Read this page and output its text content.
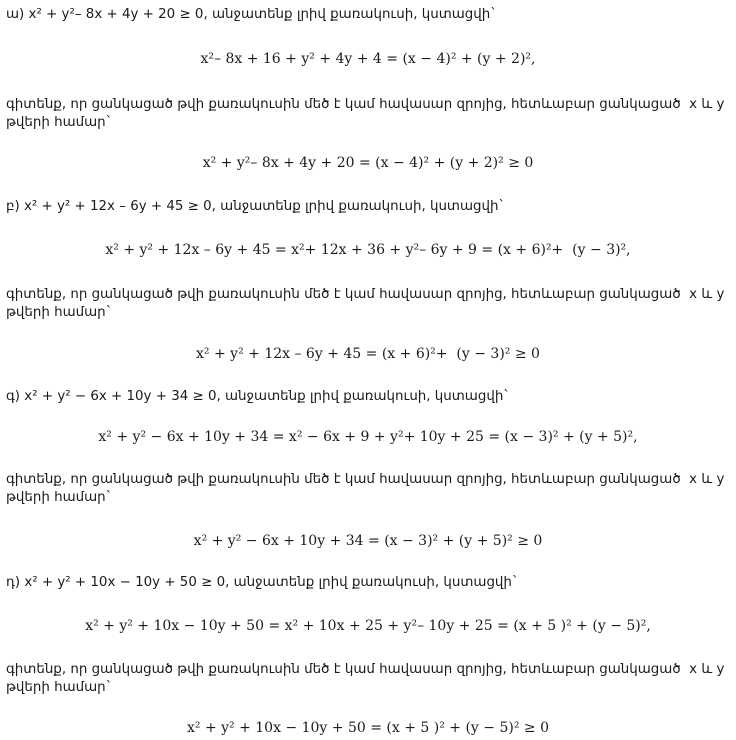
ա) x² + y²– 8x + 4y + 20 ≥ 0, անջատենք լրիվ քառակուսի, կստացվի`
x²– 8x + 16 + y² + 4y + 4 = (x − 4)² + (y + 2)²,
գիտենք, որ ցանկացած թվի քառակուսին մեծ է կամ հավասար զրոյից, հետևաբար ցանկացած  x և y
թվերի համար`
x² + y²– 8x + 4y + 20 = (x − 4)² + (y + 2)² ≥ 0
բ) x² + y² + 12x – 6y + 45 ≥ 0, անջատենք լրիվ քառակուսի, կստացվի`
x² + y² + 12x – 6y + 45 = x²+ 12x + 36 + y²– 6y + 9 = (x + 6)²+  (y − 3)²,
գիտենք, որ ցանկացած թվի քառակուսին մեծ է կամ հավասար զրոյից, հետևաբար ցանկացած  x և y
թվերի համար`
x² + y² + 12x – 6y + 45 = (x + 6)²+  (y − 3)² ≥ 0
գ) x² + y² − 6x + 10y + 34 ≥ 0, անջատենք լրիվ քառակուսի, կստացվի`
x² + y² − 6x + 10y + 34 = x² − 6x + 9 + y²+ 10y + 25 = (x − 3)² + (y + 5)²,
գիտենք, որ ցանկացած թվի քառակուսին մեծ է կամ հավասար զրոյից, հետևաբար ցանկացած  x և y
թվերի համար`
x² + y² − 6x + 10y + 34 = (x − 3)² + (y + 5)² ≥ 0
դ) x² + y² + 10x − 10y + 50 ≥ 0, անջատենք լրիվ քառակուսի, կստացվի`
x² + y² + 10x − 10y + 50 = x² + 10x + 25 + y²– 10y + 25 = (x + 5 )² + (y − 5)²,
գիտենք, որ ցանկացած թվի քառակուսին մեծ է կամ հավասար զրոյից, հետևաբար ցանկացած  x և y
թվերի համար`
x² + y² + 10x − 10y + 50 = (x + 5 )² + (y − 5)² ≥ 0
